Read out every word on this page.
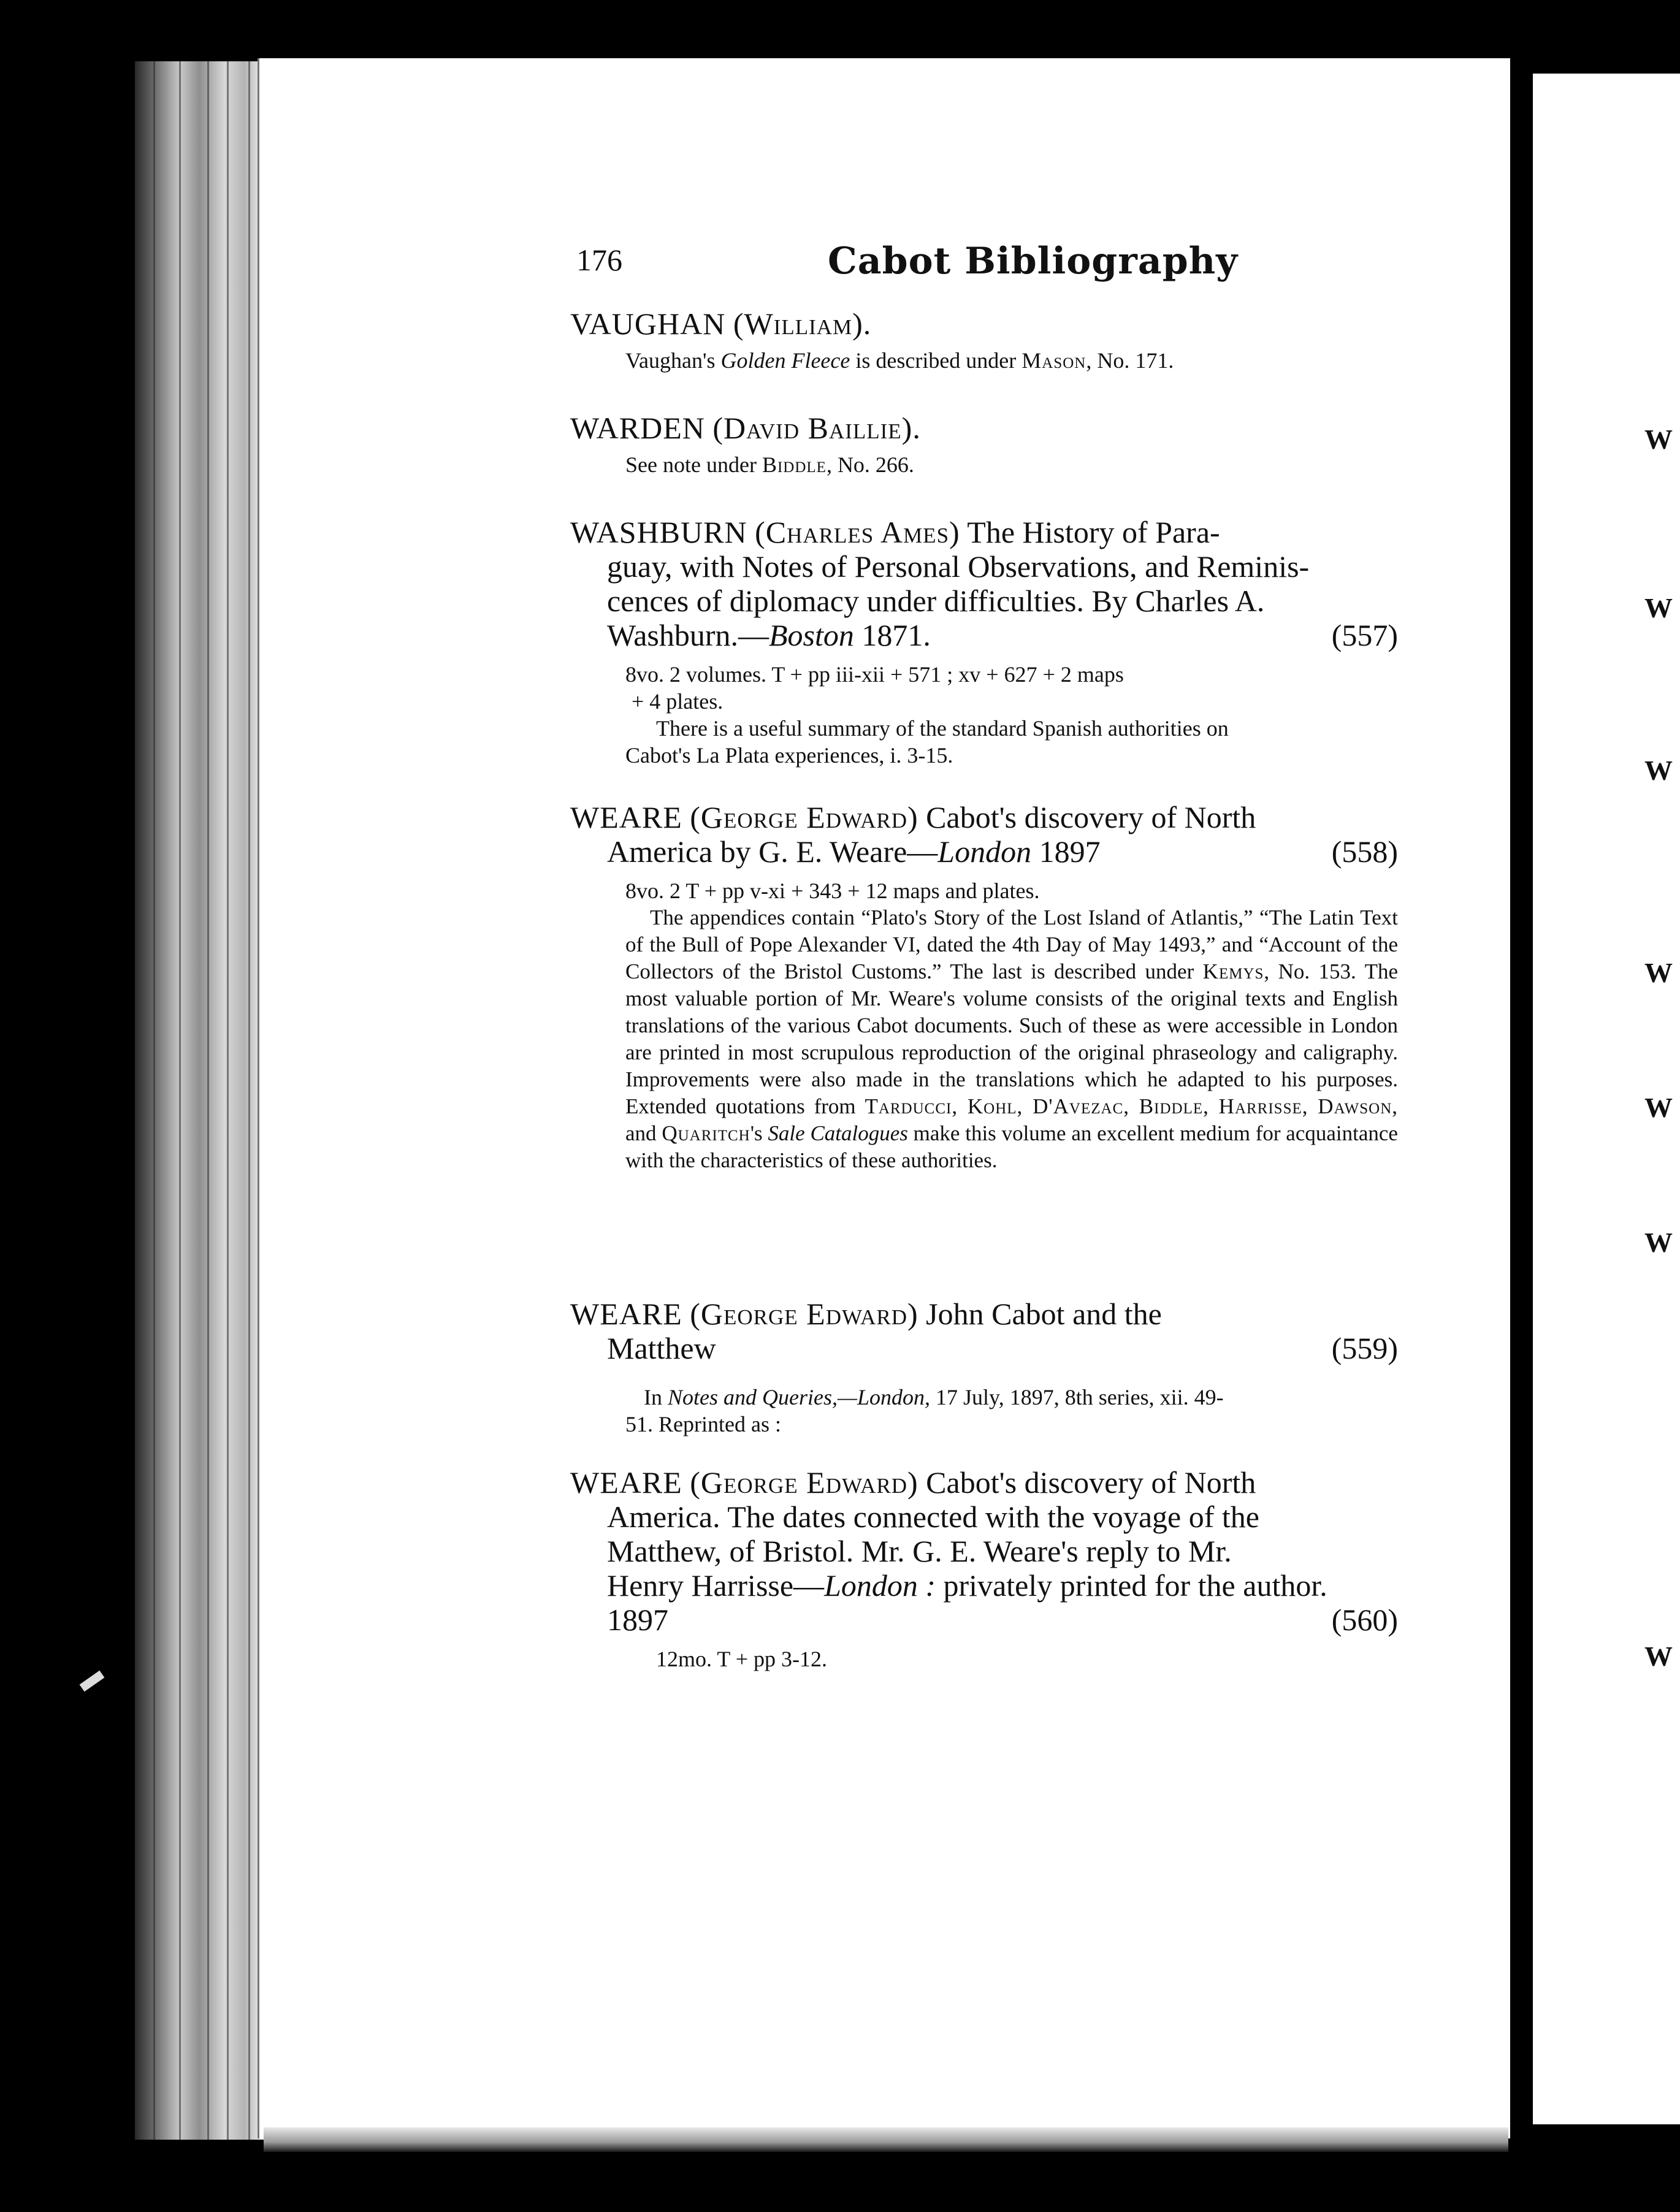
W
W
W
W
W
W
W
176	Cabot Bibliography
VAUGHAN (William).
Vaughan's Golden Fleece is described under Mason, No. 171.
WARDEN (David Baillie).
See note under Biddle, No. 266.
WASHBURN (Charles Ames) The History of Para-
guay, with Notes of Personal Observations, and Reminis-
cences of diplomacy under difficulties. By Charles A.
Washburn.—Boston 1871.	(557)
8vo. 2 volumes. T + pp iii-xii + 571 ; xv + 627 + 2 maps
+ 4 plates.
There is a useful summary of the standard Spanish authorities on
Cabot's La Plata experiences, i. 3-15.
WEARE (George Edward) Cabot's discovery of North
America by G. E. Weare—London 1897	(558)
8vo. 2 T + pp v-xi + 343 + 12 maps and plates.

The appendices contain “Plato's Story of the Lost Island of Atlantis,” “The Latin Text of the Bull of Pope Alexander VI, dated the 4th Day of May 1493,” and “Account of the Collectors of the Bristol Customs.” The last is described under Kemys, No. 153. The most valuable portion of Mr. Weare's volume consists of the original texts and English translations of the various Cabot documents. Such of these as were accessible in London are printed in most scrupulous reproduction of the original phraseology and caligraphy. Improvements were also made in the translations which he adapted to his purposes. Extended quotations from Tarducci, Kohl, D'Avezac, Biddle, Harrisse, Dawson, and Quaritch's Sale Catalogues make this volume an excellent medium for acquaintance with the characteristics of these authorities.

WEARE (George Edward) John Cabot and the
Matthew	(559)
In Notes and Queries,—London, 17 July, 1897, 8th series, xii. 49-
51. Reprinted as :
WEARE (George Edward) Cabot's discovery of North
America. The dates connected with the voyage of the
Matthew, of Bristol. Mr. G. E. Weare's reply to Mr.
Henry Harrisse—London : privately printed for the author.
1897	(560)
12mo. T + pp 3-12.
